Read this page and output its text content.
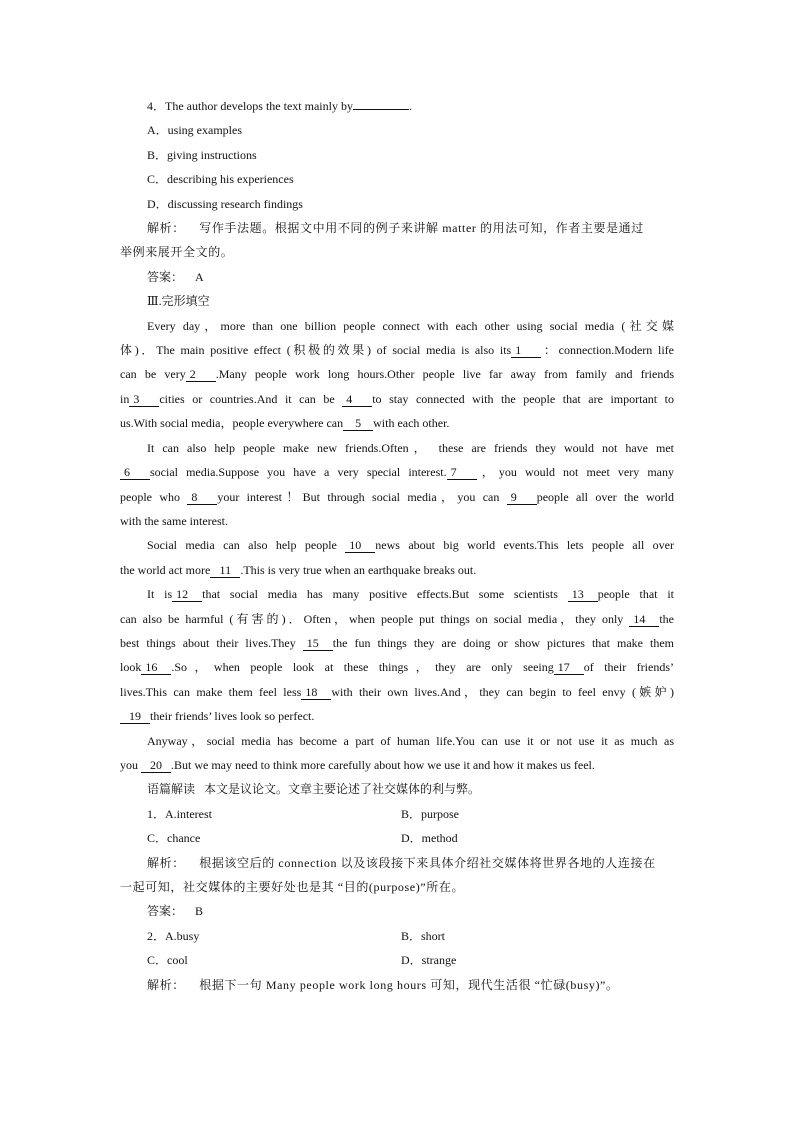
4．The author develops the text mainly by	.
A．using examples
B．giving instructions
C．describing his experiences
D．discussing research findings
解析： 写作手法题。根据文中用不同的例子来讲解 matter 的用法可知，作者主要是通过
举例来展开全文的。
答案： A
Ⅲ.完形填空
Every day，more than one billion people connect with each other using social media (社交媒
体)．The main positive effect (积极的效果) of social media is also its 1 ：connection.Modern life
can be very 2 .Many people work long hours.Other people live far away from family and friends
in 3 cities or countries.And it can be 4 to stay connected with the people that are important to
us.With social media，people everywhere can 5 with each other.
It can also help people make new friends.Often， these are friends they would not have met
6 social media.Suppose you have a very special interest. 7 ，you would not meet very many
people who 8 your interest！But through social media，you can 9 people all over the world
with the same interest.
Social media can also help people 10 news about big world events.This lets people all over
the world act more 11 .This is very true when an earthquake breaks out.
It is 12 that social media has many positive effects.But some scientists 13 people that it
can also be harmful (有害的)．Often，when people put things on social media，they only 14 the
best things about their lives.They 15 the fun things they are doing or show pictures that make them
look 16 .So，when people look at these things，they are only seeing 17 of their friends’
lives.This can make them feel less 18 with their own lives.And，they can begin to feel envy (嫉妒)
19 their friends’ lives look so perfect.
Anyway，social media has become a part of human life.You can use it or not use it as much as
you 20 .But we may need to think more carefully about how we use it and how it makes us feel.
语篇解读 本文是议论文。文章主要论述了社交媒体的利与弊。
1．A.interest	B．purpose
C．chance	D．method
解析： 根据该空后的 connection 以及该段接下来具体介绍社交媒体将世界各地的人连接在
一起可知，社交媒体的主要好处也是其 “目的(purpose)”所在。
答案： B
2．A.busy	B．short
C．cool	D．strange
解析： 根据下一句 Many people work long hours 可知，现代生活很 “忙碌(busy)”。
